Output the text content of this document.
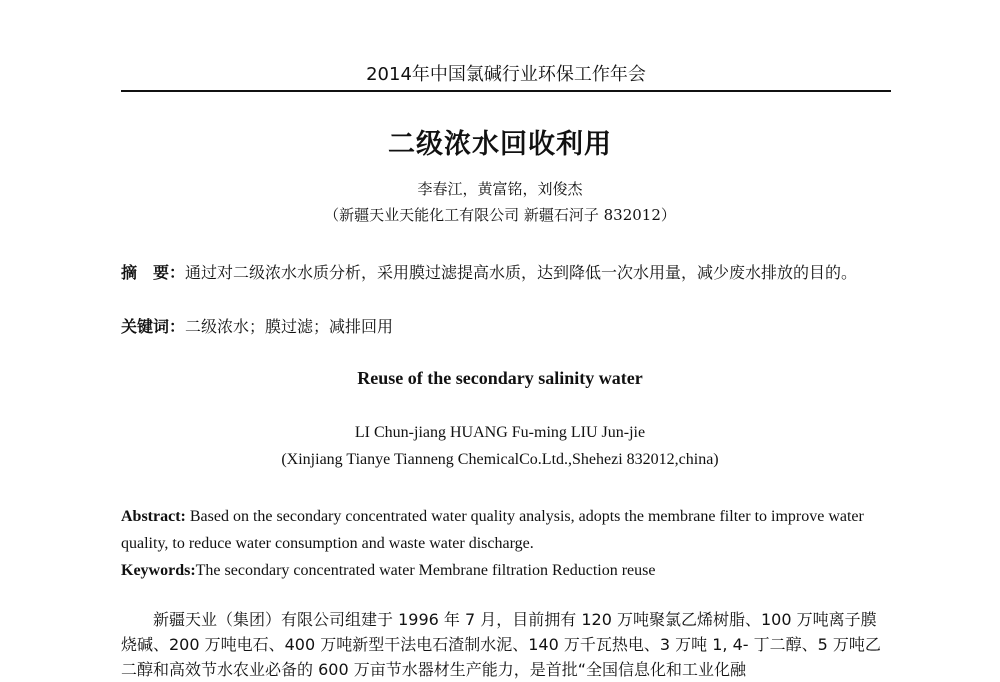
2014年中国氯碱行业环保工作年会
二级浓水回收利用
李春江，黄富铭，刘俊杰
（新疆天业天能化工有限公司 新疆石河子 832012）
摘　要：通过对二级浓水水质分析，采用膜过滤提高水质，达到降低一次水用量，减少废水排放的目的。
关键词：二级浓水；膜过滤；减排回用
Reuse of the secondary salinity water
LI Chun-jiang HUANG Fu-ming LIU Jun-jie
(Xinjiang Tianye Tianneng ChemicalCo.Ltd.,Shehezi 832012,china)
Abstract: Based on the secondary concentrated water quality analysis, adopts the membrane filter to improve water quality, to reduce water consumption and waste water discharge.
Keywords:The secondary concentrated water Membrane filtration Reduction reuse
新疆天业（集团）有限公司组建于 1996 年 7 月，目前拥有 120 万吨聚氯乙烯树脂、100 万吨离子膜烧碱、200 万吨电石、400 万吨新型干法电石渣制水泥、140 万千瓦热电、3 万吨 1, 4- 丁二醇、5 万吨乙二醇和高效节水农业必备的 600 万亩节水器材生产能力，是首批“全国信息化和工业化融
